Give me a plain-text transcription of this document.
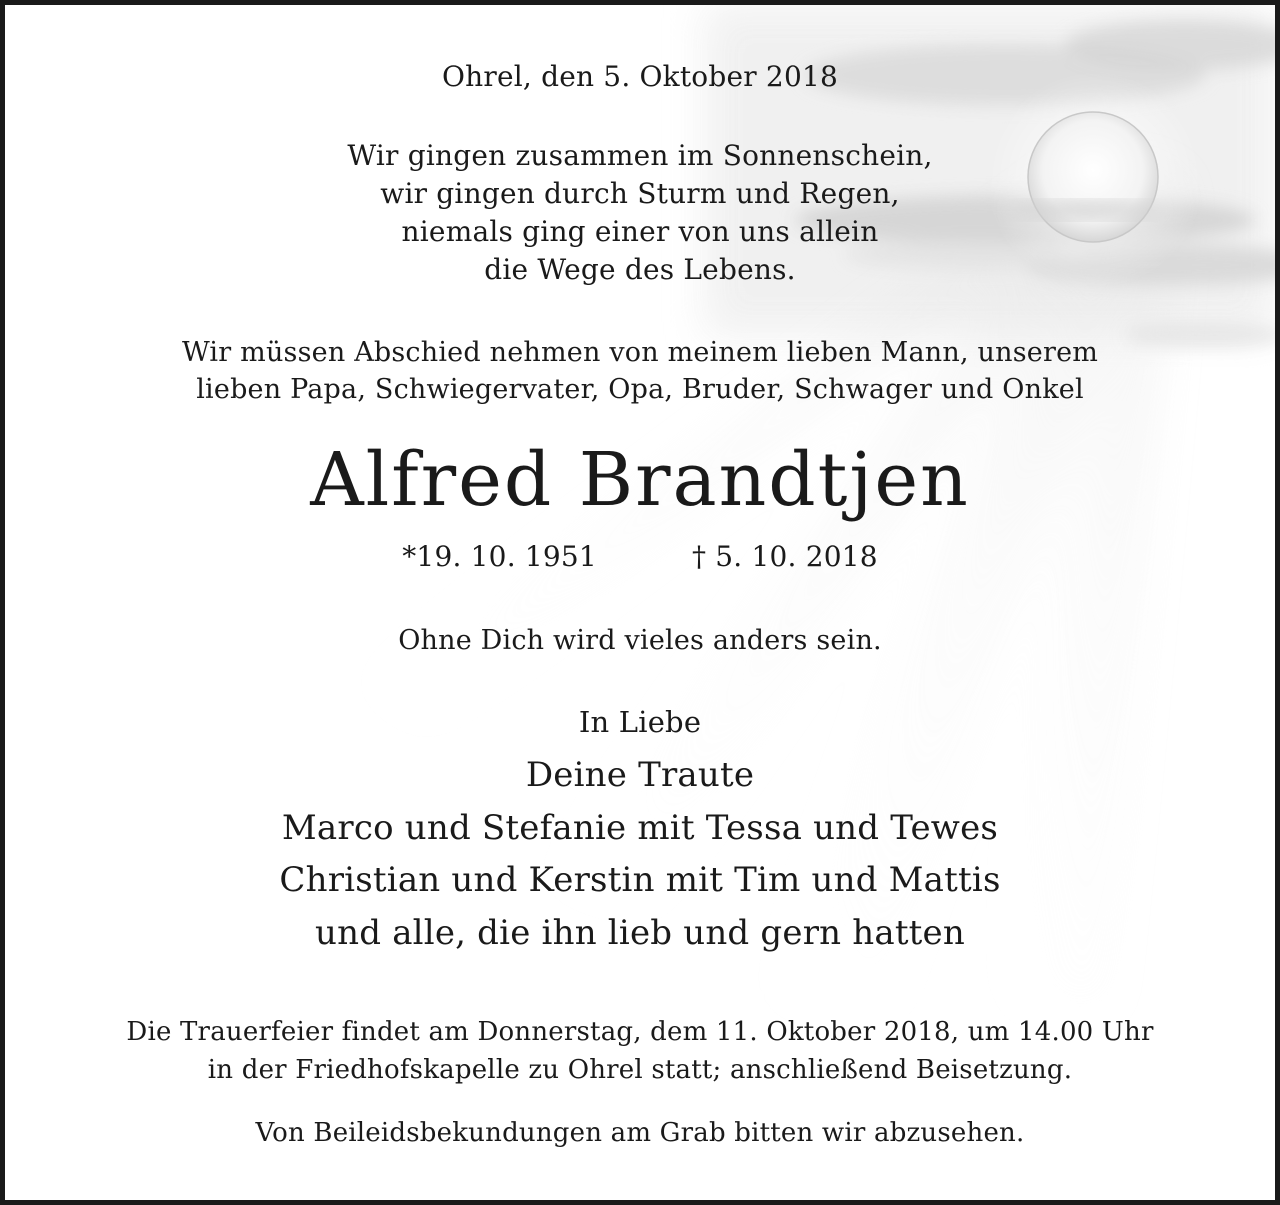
Ohrel, den 5. Oktober 2018
Wir gingen zusammen im Sonnenschein,
wir gingen durch Sturm und Regen,
niemals ging einer von uns allein
die Wege des Lebens.
Wir müssen Abschied nehmen von meinem lieben Mann, unserem
lieben Papa, Schwiegervater, Opa, Bruder, Schwager und Onkel
Alfred Brandtjen
*19. 10. 1951	† 5. 10. 2018
Ohne Dich wird vieles anders sein.
In Liebe
Deine Traute
Marco und Stefanie mit Tessa und Tewes
Christian und Kerstin mit Tim und Mattis
und alle, die ihn lieb und gern hatten
Die Trauerfeier findet am Donnerstag, dem 11. Oktober 2018, um 14.00 Uhr
in der Friedhofskapelle zu Ohrel statt; anschließend Beisetzung.
Von Beileidsbekundungen am Grab bitten wir abzusehen.
